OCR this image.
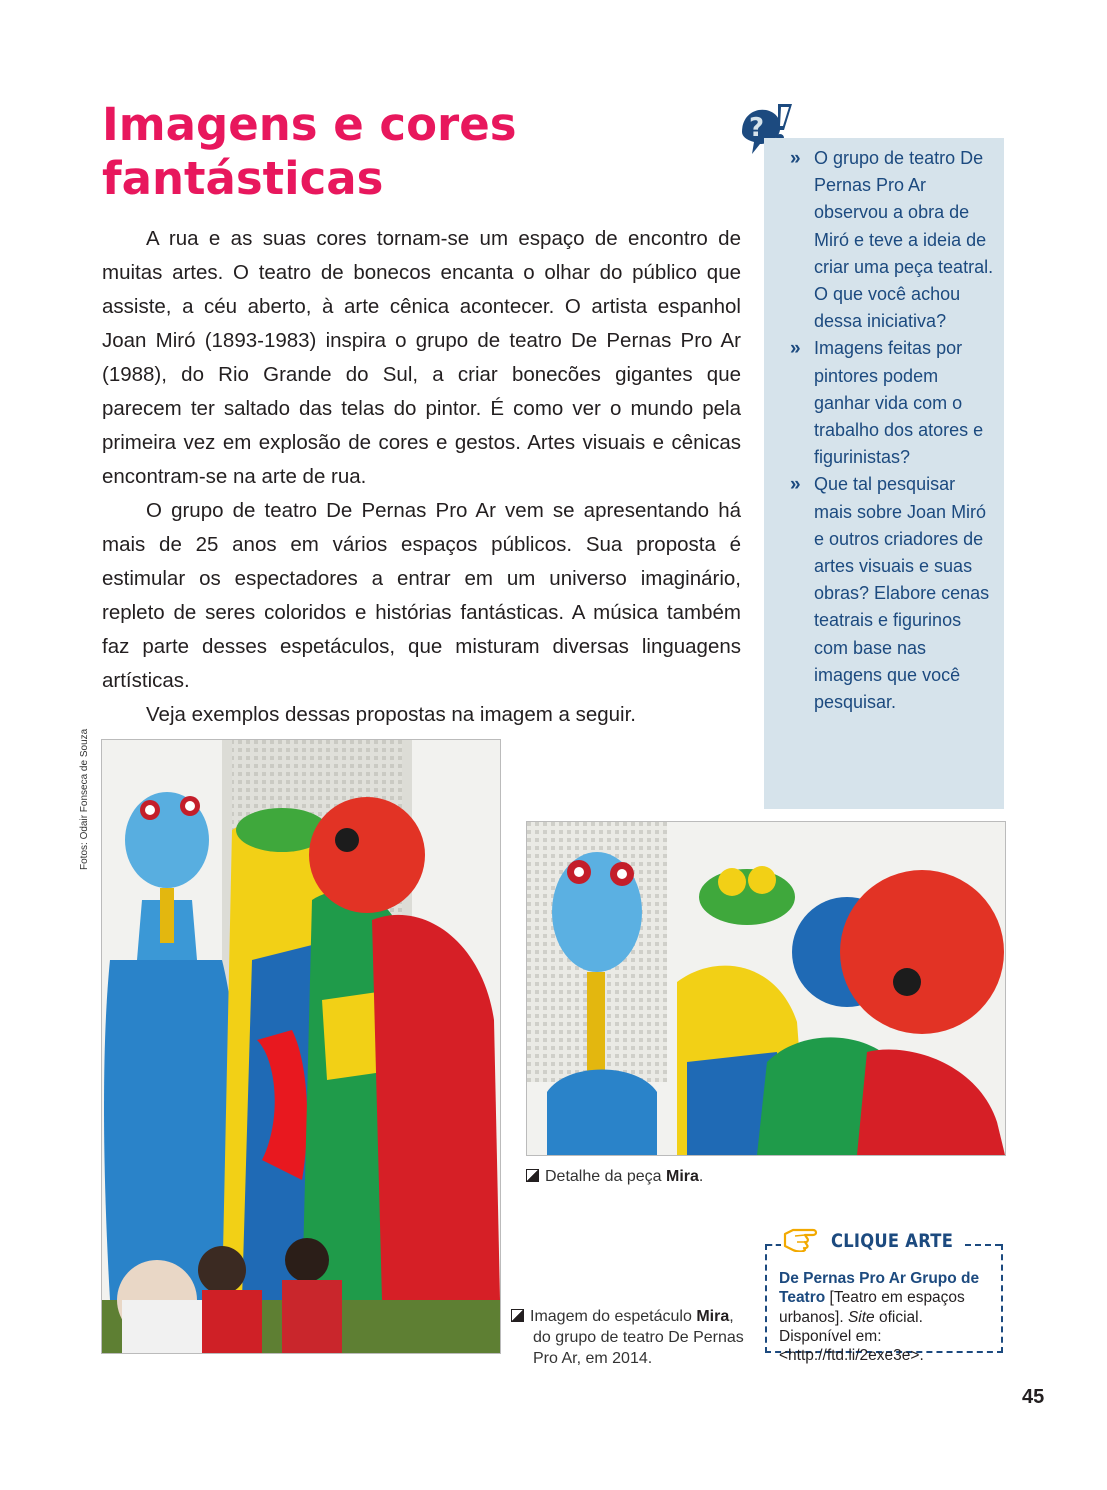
Imagens e cores fantásticas

A rua e as suas cores tornam-se um espaço de encontro de muitas artes. O teatro de bonecos encanta o olhar do público que assiste, a céu aberto, à arte cênica acontecer. O artista espanhol Joan Miró (1893-1983) inspira o grupo de teatro De Pernas Pro Ar (1988), do Rio Grande do Sul, a criar bonecões gigantes que parecem ter saltado das telas do pintor. É como ver o mundo pela primeira vez em explosão de cores e gestos. Artes visuais e cênicas encontram-se na arte de rua.

O grupo de teatro De Pernas Pro Ar vem se apresentando há mais de 25 anos em vários espaços públicos. Sua proposta é estimular os espectadores a entrar em um universo imaginário, repleto de seres coloridos e histórias fantásticas. A música também faz parte desses espetáculos, que misturam diversas linguagens artísticas.

Veja exemplos dessas propostas na imagem a seguir.

?
» O grupo de teatro De Pernas Pro Ar observou a obra de Miró e teve a ideia de criar uma peça teatral. O que você achou dessa iniciativa?
» Imagens feitas por pintores podem ganhar vida com o trabalho dos atores e figurinistas?
» Que tal pesquisar mais sobre Joan Miró e outros criadores de artes visuais e suas obras? Elabore cenas teatrais e figurinos com base nas imagens que você pesquisar.
Fotos: Odair Fonseca de Souza
Detalhe da peça Mira.
Imagem do espetáculo Mira, do grupo de teatro De Pernas Pro Ar, em 2014.
CLIQUE ARTE
De Pernas Pro Ar Grupo de Teatro [Teatro em espaços urbanos]. Site oficial. Disponível em: <http://ftd.li/2exe3e>.
45
